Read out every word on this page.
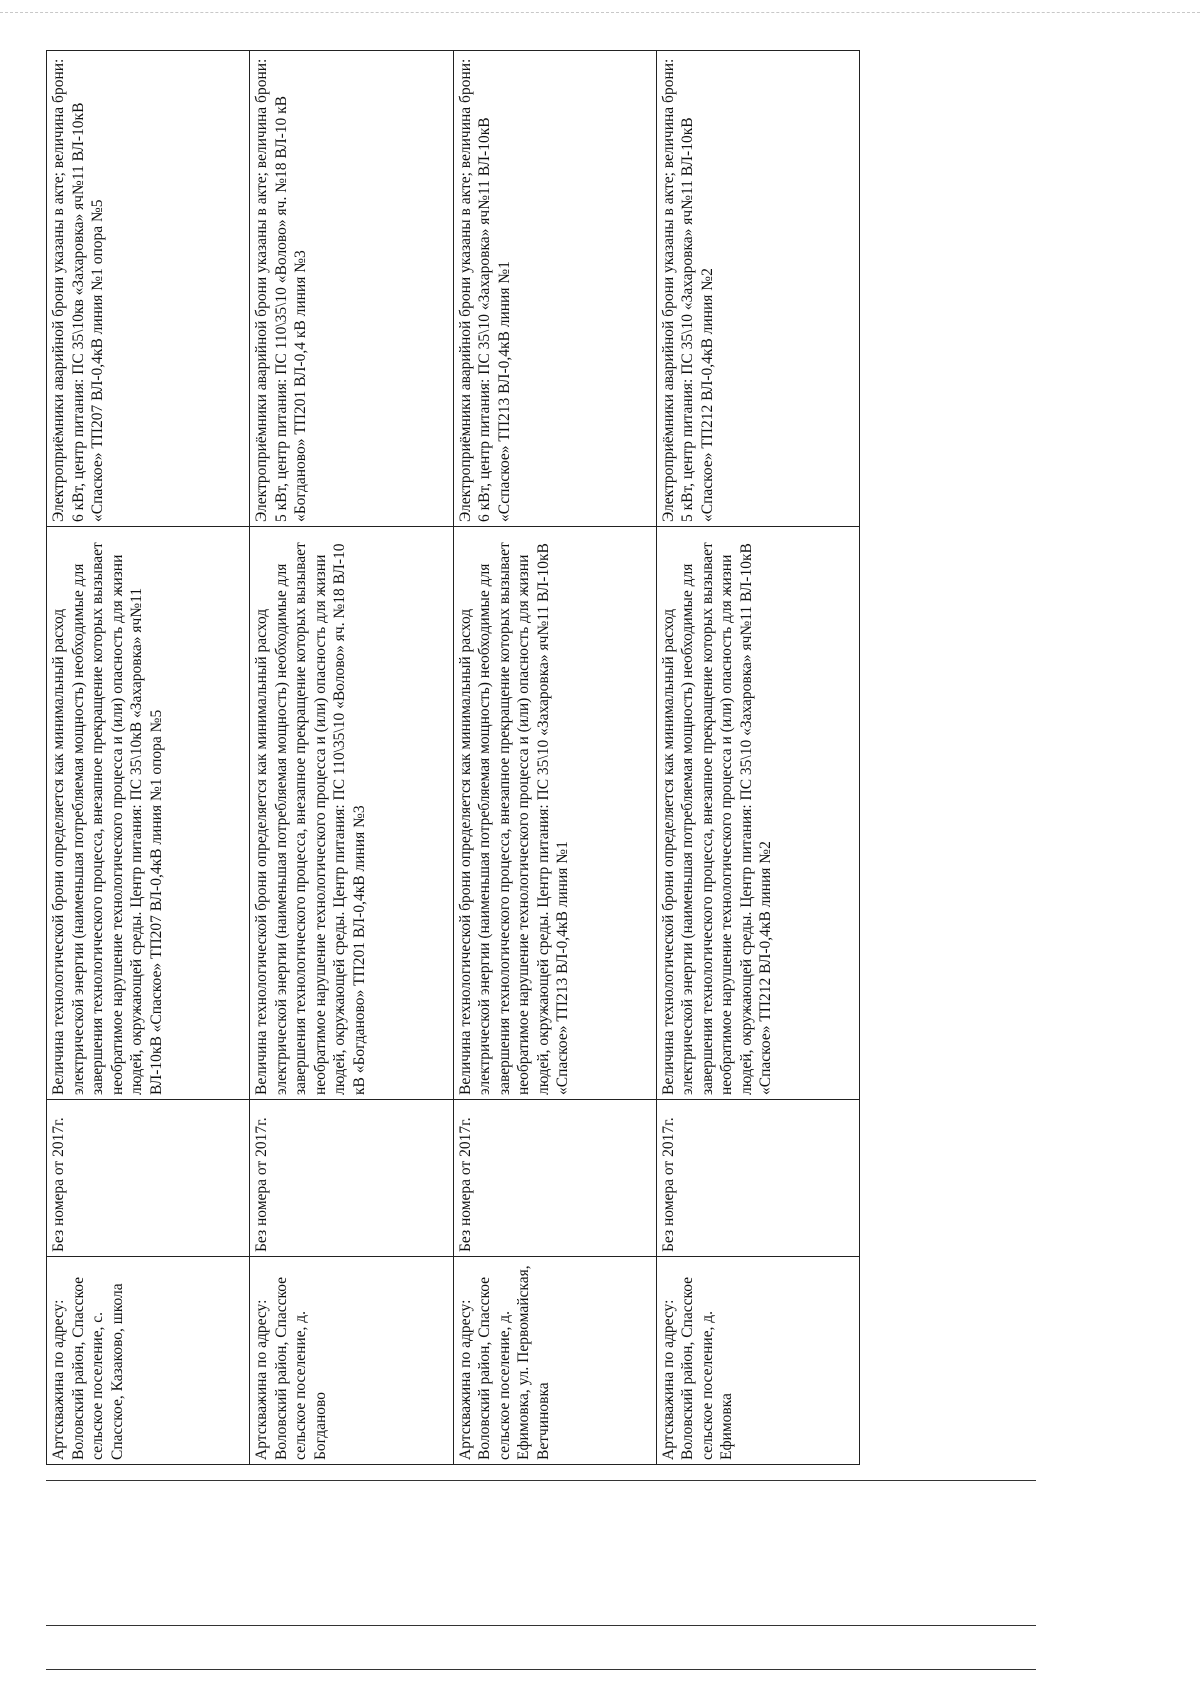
Артскважина по адресу: Воловский район, Спасское сельское поселение, с. Спасское, Казаково, школа	Без номера от 2017г.	Величина технологической брони определяется как минимальный расход электрической энергии (наименьшая потребляемая мощность) необходимые для завершения технологического процесса, внезапное прекращение которых вызывает необратимое нарушение технологического процесса и (или) опасность для жизни людей, окружающей среды. Центр питания: ПС 35\10кВ «Захаровка» яч№11 ВЛ-10кВ «Спаское» ТП207 ВЛ-0,4кВ линия №1 опора №5	Электроприёмники аварийной брони указаны в акте; величина брони: 6 кВт, центр питания: ПС 35\10кв «Захаровка» яч№11 ВЛ-10кВ «Спаское» ТП207 ВЛ-0,4кВ линия №1 опора №5
Артскважина по адресу: Воловский район, Спасское сельское поселение, д. Богданово	Без номера от 2017г.	Величина технологической брони определяется как минимальный расход электрической энергии (наименьшая потребляемая мощность) необходимые для завершения технологического процесса, внезапное прекращение которых вызывает необратимое нарушение технологического процесса и (или) опасность для жизни людей, окружающей среды. Центр питания: ПС 110\35\10 «Волово» яч. №18 ВЛ-10 кВ «Богданово» ТП201 ВЛ-0,4кВ линия №3	Электроприёмники аварийной брони указаны в акте; величина брони: 5 кВт, центр питания: ПС 110\35\10 «Волово» яч. №18 ВЛ-10 кВ «Богданово» ТП201 ВЛ-0,4 кВ линия №3
Артскважина по адресу: Воловский район, Спасское сельское поселение, д. Ефимовка, ул. Первомайская, Ветчиновка	Без номера от 2017г.	Величина технологической брони определяется как минимальный расход электрической энергии (наименьшая потребляемая мощность) необходимые для завершения технологического процесса, внезапное прекращение которых вызывает необратимое нарушение технологического процесса и (или) опасность для жизни людей, окружающей среды. Центр питания: ПС 35\10 «Захаровка» яч№11 ВЛ-10кВ «Спаское» ТП213 ВЛ-0,4кВ линия №1	Электроприёмники аварийной брони указаны в акте; величина брони: 6 кВт, центр питания: ПС 35\10 «Захаровка» яч№11 ВЛ-10кВ «Сспаское» ТП213 ВЛ-0,4кВ линия №1
Артскважина по адресу: Воловский район, Спасское сельское поселение, д. Ефимовка	Без номера от 2017г.	Величина технологической брони определяется как минимальный расход электрической энергии (наименьшая потребляемая мощность) необходимые для завершения технологического процесса, внезапное прекращение которых вызывает необратимое нарушение технологического процесса и (или) опасность для жизни людей, окружающей среды. Центр питания: ПС 35\10 «Захаровка» яч№11 ВЛ-10кВ «Спаское» ТП212 ВЛ-0,4кВ линия №2	Электроприёмники аварийной брони указаны в акте; величина брони: 5 кВт, центр питания: ПС 35\10 «Захаровка» яч№11 ВЛ-10кВ «Спаское» ТП212 ВЛ-0,4кВ линия №2
